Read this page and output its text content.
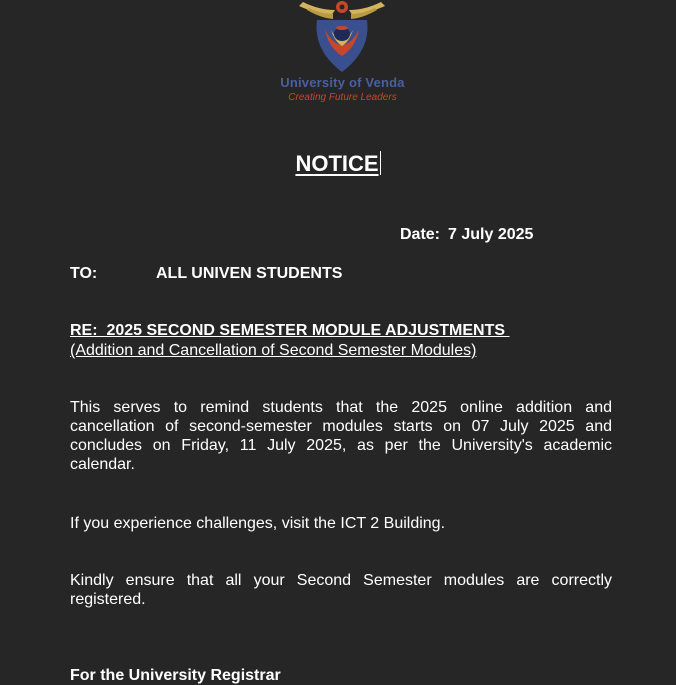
University of Venda
Creating Future Leaders
NOTICE
Date: 7 July 2025
TO:	ALL UNIVEN STUDENTS
RE:  2025 SECOND SEMESTER MODULE ADJUSTMENTS
(Addition and Cancellation of Second Semester Modules)

This serves to remind students that the 2025 online addition and cancellation of second-semester modules starts on 07 July 2025 and concludes on Friday, 11 July 2025, as per the University's academic calendar.

If you experience challenges, visit the ICT 2 Building.

Kindly ensure that all your Second Semester modules are correctly registered.

For the University Registrar
